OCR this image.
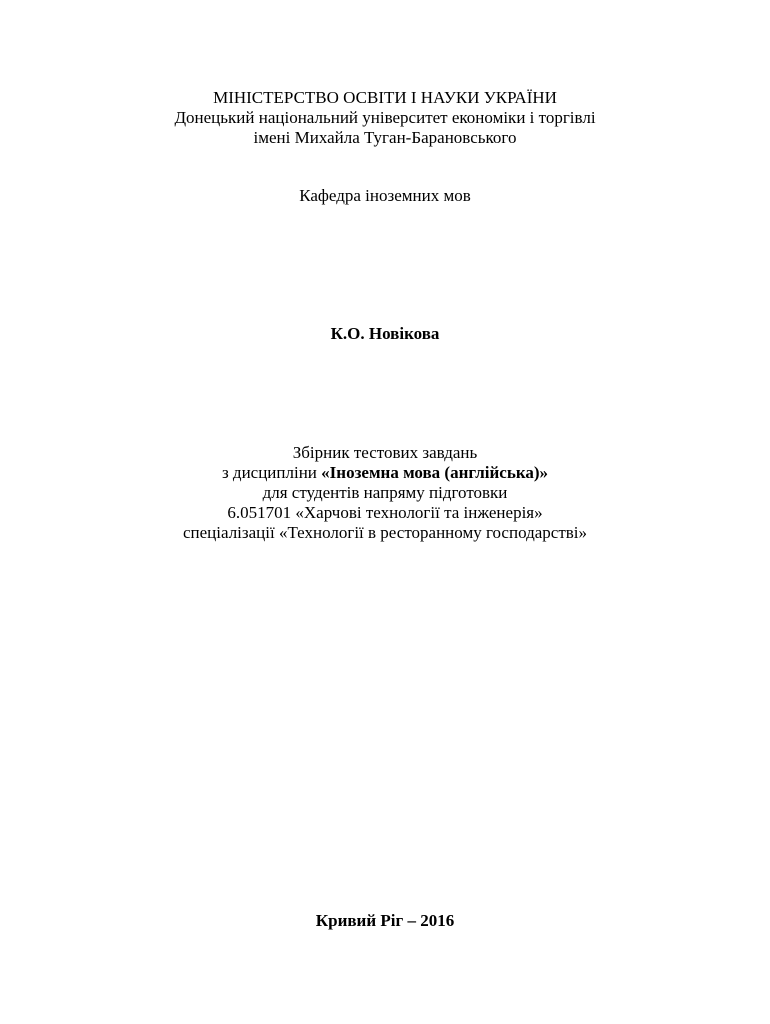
МІНІСТЕРСТВО ОСВІТИ І НАУКИ УКРАЇНИ
Донецький національний університет економіки і торгівлі
імені Михайла Туган-Барановського
Кафедра іноземних мов
К.О. Новікова
Збірник тестових завдань
з дисципліни «Іноземна мова (англійська)»
для студентів напряму підготовки
6.051701 «Харчові технології та інженерія»
спеціалізації «Технології в ресторанному господарстві»
Кривий Ріг – 2016
